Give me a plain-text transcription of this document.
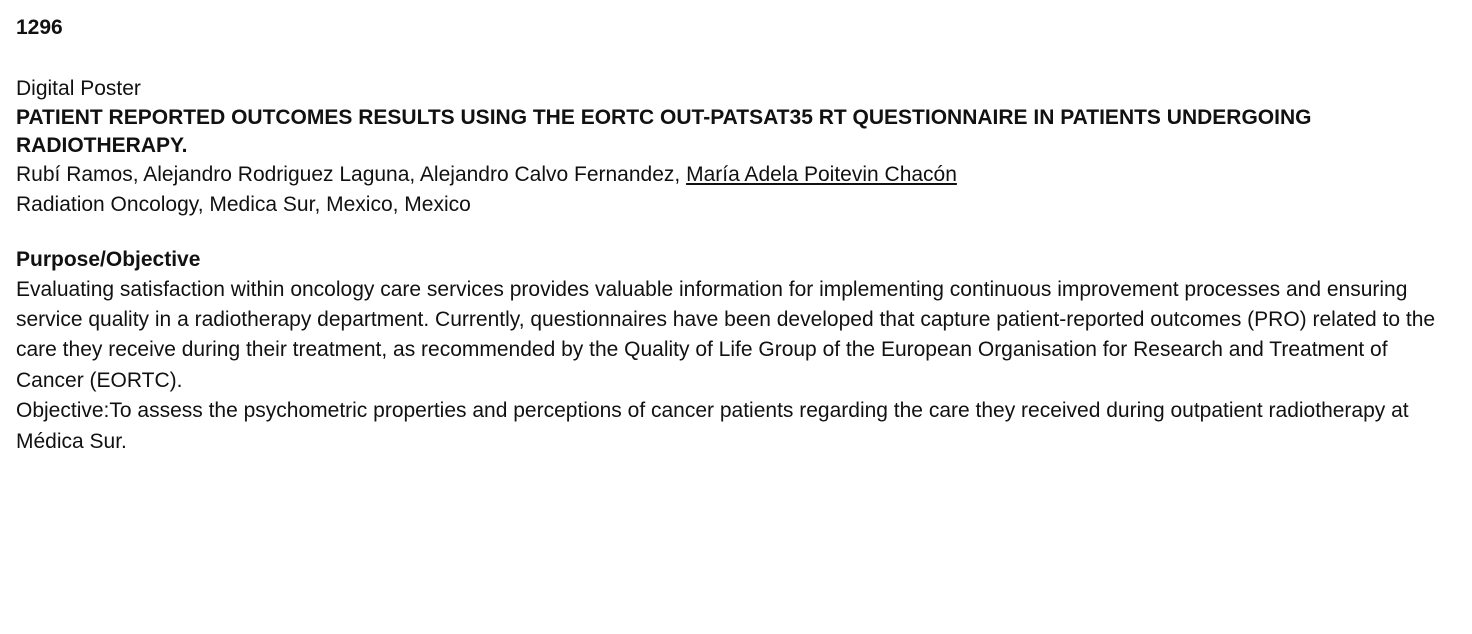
1296
Digital Poster
PATIENT REPORTED OUTCOMES RESULTS USING THE EORTC OUT-PATSAT35 RT QUESTIONNAIRE IN PATIENTS UNDERGOING RADIOTHERAPY.
Rubí Ramos, Alejandro Rodriguez Laguna, Alejandro Calvo Fernandez, María Adela Poitevin Chacón
Radiation Oncology, Medica Sur, Mexico, Mexico
Purpose/Objective
Evaluating satisfaction within oncology care services provides valuable information for implementing continuous improvement processes and ensuring service quality in a radiotherapy department. Currently, questionnaires have been developed that capture patient-reported outcomes (PRO) related to the care they receive during their treatment, as recommended by the Quality of Life Group of the European Organisation for Research and Treatment of Cancer (EORTC).
Objective:To assess the psychometric properties and perceptions of cancer patients regarding the care they received during outpatient radiotherapy at Médica Sur.
